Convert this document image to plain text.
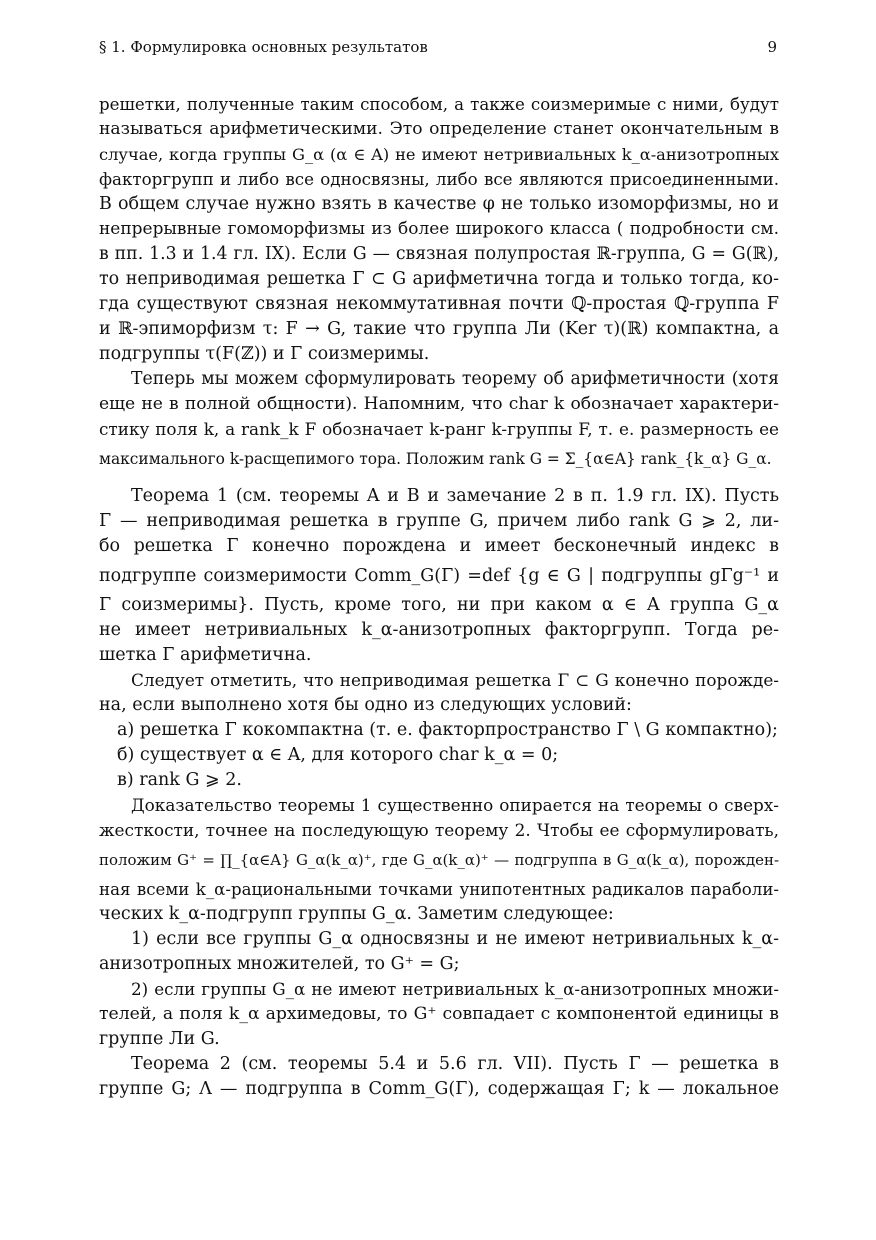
§ 1. Формулировка основных результатов	9
решетки, полученные таким способом, а также соизмеримые с ними, будут
называться арифметическими. Это определение станет окончательным в
случае, когда группы G_α (α ∈ A) не имеют нетривиальных k_α-анизотропных
факторгрупп и либо все односвязны, либо все являются присоединенными.
В общем случае нужно взять в качестве φ не только изоморфизмы, но и
непрерывные гомоморфизмы из более широкого класса ( подробности см.
в пп. 1.3 и 1.4 гл. IX). Если G — связная полупростая ℝ-группа, G = G(ℝ),
то неприводимая решетка Γ ⊂ G арифметична тогда и только тогда, ко-
гда существуют связная некоммутативная почти ℚ-простая ℚ-группа F
и ℝ-эпиморфизм τ: F → G, такие что группа Ли (Ker τ)(ℝ) компактна, а
подгруппы τ(F(ℤ)) и Γ соизмеримы.
Теперь мы можем сформулировать теорему об арифметичности (хотя
еще не в полной общности). Напомним, что char k обозначает характери-
стику поля k, а rank_k F обозначает k-ранг k-группы F, т. е. размерность ее
максимального k-расщепимого тора. Положим rank G = Σ_{α∈A} rank_{k_α} G_α.
Теорема 1 (см. теоремы A и B и замечание 2 в п. 1.9 гл. IX). Пусть
Γ — неприводимая решетка в группе G, причем либо rank G ⩾ 2, ли-
бо решетка Γ конечно порождена и имеет бесконечный индекс в
подгруппе соизмеримости Comm_G(Γ) =def {g ∈ G | подгруппы gΓg⁻¹ и
Γ соизмеримы}. Пусть, кроме того, ни при каком α ∈ A группа G_α
не имеет нетривиальных k_α-анизотропных факторгрупп. Тогда ре-
шетка Γ арифметична.
Следует отметить, что неприводимая решетка Γ ⊂ G конечно порожде-
на, если выполнено хотя бы одно из следующих условий:
а) решетка Γ кокомпактна (т. е. факторпространство Γ \ G компактно);
б) существует α ∈ A, для которого char k_α = 0;
в) rank G ⩾ 2.
Доказательство теоремы 1 существенно опирается на теоремы о сверх-
жесткости, точнее на последующую теорему 2. Чтобы ее сформулировать,
положим G⁺ = ∏_{α∈A} G_α(k_α)⁺, где G_α(k_α)⁺ — подгруппа в G_α(k_α), порожден-
ная всеми k_α-рациональными точками унипотентных радикалов параболи-
ческих k_α-подгрупп группы G_α. Заметим следующее:
1) если все группы G_α односвязны и не имеют нетривиальных k_α-
анизотропных множителей, то G⁺ = G;
2) если группы G_α не имеют нетривиальных k_α-анизотропных множи-
телей, а поля k_α архимедовы, то G⁺ совпадает с компонентой единицы в
группе Ли G.
Теорема 2 (см. теоремы 5.4 и 5.6 гл. VII). Пусть Γ — решетка в
группе G; Λ — подгруппа в Comm_G(Γ), содержащая Γ; k — локальное
